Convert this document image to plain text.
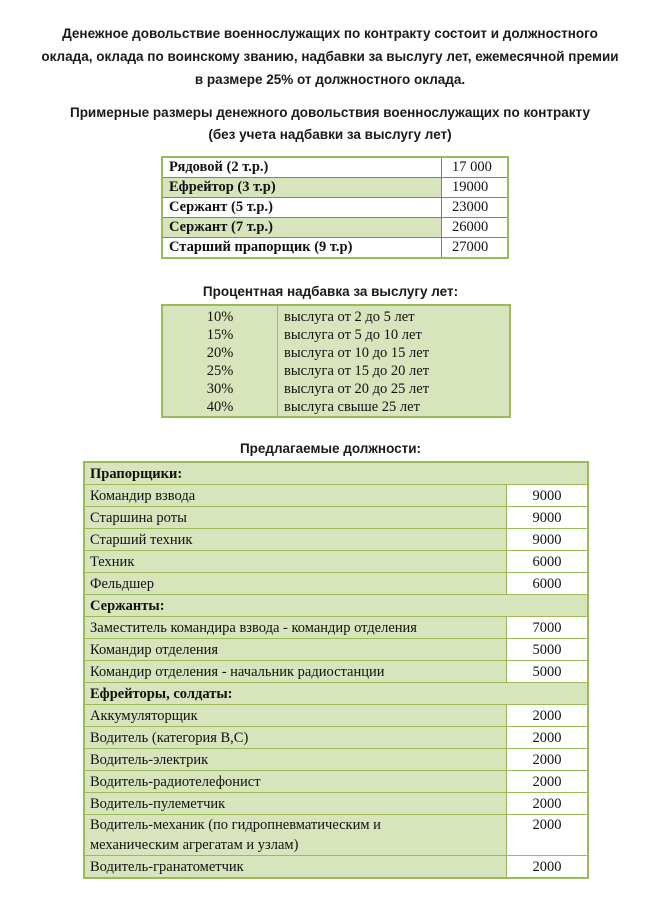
Денежное довольствие военнослужащих по контракту состоит и должностного оклада, оклада по воинскому званию, надбавки за выслугу лет, ежемесячной премии в размере 25% от должностного оклада.
Примерные размеры денежного довольствия военнослужащих по контракту
(без учета надбавки за выслугу лет)
Рядовой (2 т.р.)	17 000
Ефрейтор (3 т.р)	19000
Сержант (5 т.р.)	23000
Сержант (7 т.р.)	26000
Старший прапорщик (9 т.р)	27000
Процентная надбавка за выслугу лет:
10%	выслуга от 2 до 5 лет
15%	выслуга от 5 до 10 лет
20%	выслуга от 10 до 15 лет
25%	выслуга от 15 до 20 лет
30%	выслуга от 20 до 25 лет
40%	выслуга свыше 25 лет
Предлагаемые должности:
Прапорщики:	
Командир взвода	9000
Старшина роты	9000
Старший техник	9000
Техник	6000
Фельдшер	6000
Сержанты:	
Заместитель командира взвода - командир отделения	7000
Командир отделения	5000
Командир отделения - начальник радиостанции	5000
Ефрейторы, солдаты:	
Аккумуляторщик	2000
Водитель (категория В,С)	2000
Водитель-электрик	2000
Водитель-радиотелефонист	2000
Водитель-пулеметчик	2000
Водитель-механик (по гидропневматическим и механическим агрегатам и узлам)	2000
Водитель-гранатометчик	2000
